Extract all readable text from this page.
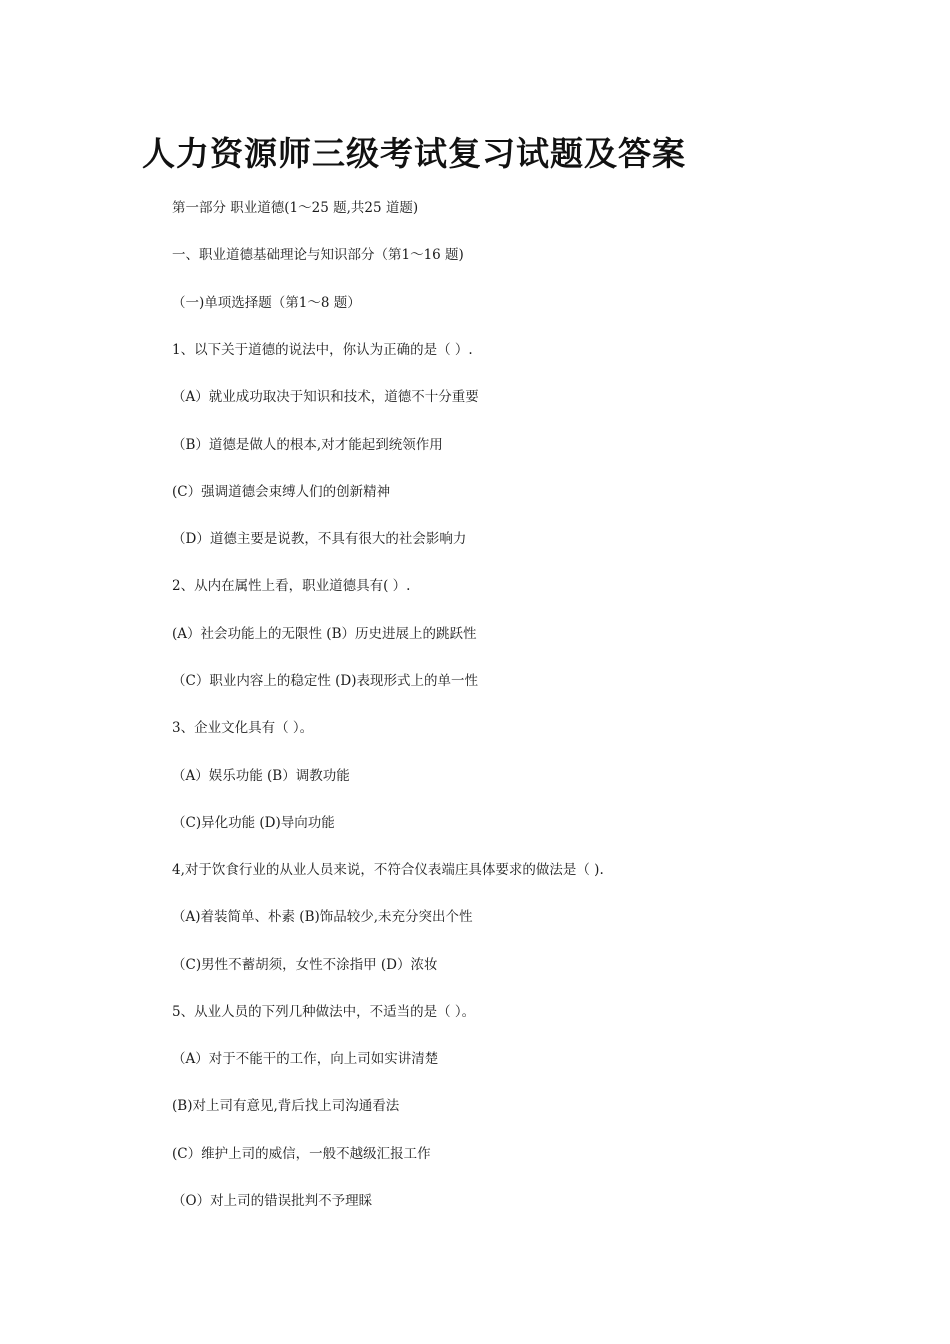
人力资源师三级考试复习试题及答案
第一部分 职业道德(1～25 题,共25 道题)
一、职业道德基础理论与知识部分（第1～16 题)
（一)单项选择题（第1～8 题）
1、以下关于道德的说法中，你认为正确的是（ ）.
（A）就业成功取决于知识和技术，道德不十分重要
（B）道德是做人的根本,对才能起到统领作用
(C）强调道德会束缚人们的创新精神
（D）道德主要是说教，不具有很大的社会影响力
2、从内在属性上看，职业道德具有( ）.
(A）社会功能上的无限性 (B）历史进展上的跳跃性
（C）职业内容上的稳定性 (D)表现形式上的单一性
3、企业文化具有（ ）。
（A）娱乐功能 (B）调教功能
（C)异化功能 (D)导向功能
4,对于饮食行业的从业人员来说，不符合仪表端庄具体要求的做法是（ ).
（A)着装简单、朴素 (B)饰品较少,未充分突出个性
（C)男性不蓄胡须，女性不涂指甲 (D）浓妆
5、从业人员的下列几种做法中，不适当的是（ ）。
（A）对于不能干的工作，向上司如实讲清楚
(B)对上司有意见,背后找上司沟通看法
(C）维护上司的威信，一般不越级汇报工作
（O）对上司的错误批判不予理睬
